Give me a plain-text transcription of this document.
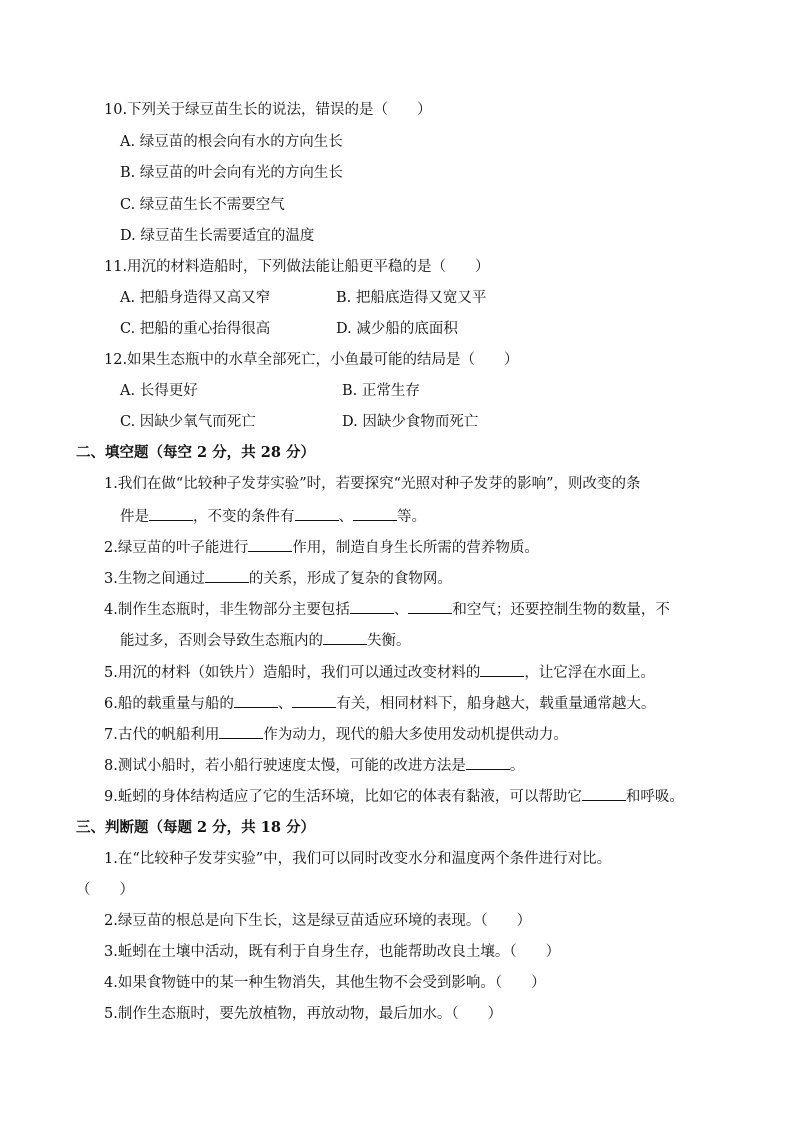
10.下列关于绿豆苗生长的说法，错误的是（　　）
A. 绿豆苗的根会向有水的方向生长
B. 绿豆苗的叶会向有光的方向生长
C. 绿豆苗生长不需要空气
D. 绿豆苗生长需要适宜的温度
11.用沉的材料造船时，下列做法能让船更平稳的是（　　）
A. 把船身造得又高又窄	B. 把船底造得又宽又平
C. 把船的重心抬得很高	D. 减少船的底面积
12.如果生态瓶中的水草全部死亡，小鱼最可能的结局是（　　）
A. 长得更好	B. 正常生存
C. 因缺少氧气而死亡	D. 因缺少食物而死亡
二、填空题（每空 2 分，共 28 分）
1.我们在做“比较种子发芽实验”时，若要探究“光照对种子发芽的影响”，则改变的条
件是	，不变的条件有	、	等。
2.绿豆苗的叶子能进行	作用，制造自身生长所需的营养物质。
3.生物之间通过	的关系，形成了复杂的食物网。
4.制作生态瓶时，非生物部分主要包括	、	和空气；还要控制生物的数量，不
能过多，否则会导致生态瓶内的	失衡。
5.用沉的材料（如铁片）造船时，我们可以通过改变材料的	，让它浮在水面上。
6.船的载重量与船的	、	有关，相同材料下，船身越大，载重量通常越大。
7.古代的帆船利用	作为动力，现代的船大多使用发动机提供动力。
8.测试小船时，若小船行驶速度太慢，可能的改进方法是	。
9.蚯蚓的身体结构适应了它的生活环境，比如它的体表有黏液，可以帮助它	和呼吸。
三、判断题（每题 2 分，共 18 分）
1.在“比较种子发芽实验”中，我们可以同时改变水分和温度两个条件进行对比。
（　　）
2.绿豆苗的根总是向下生长，这是绿豆苗适应环境的表现。（　　）
3.蚯蚓在土壤中活动，既有利于自身生存，也能帮助改良土壤。（　　）
4.如果食物链中的某一种生物消失，其他生物不会受到影响。（　　）
5.制作生态瓶时，要先放植物，再放动物，最后加水。（　　）
